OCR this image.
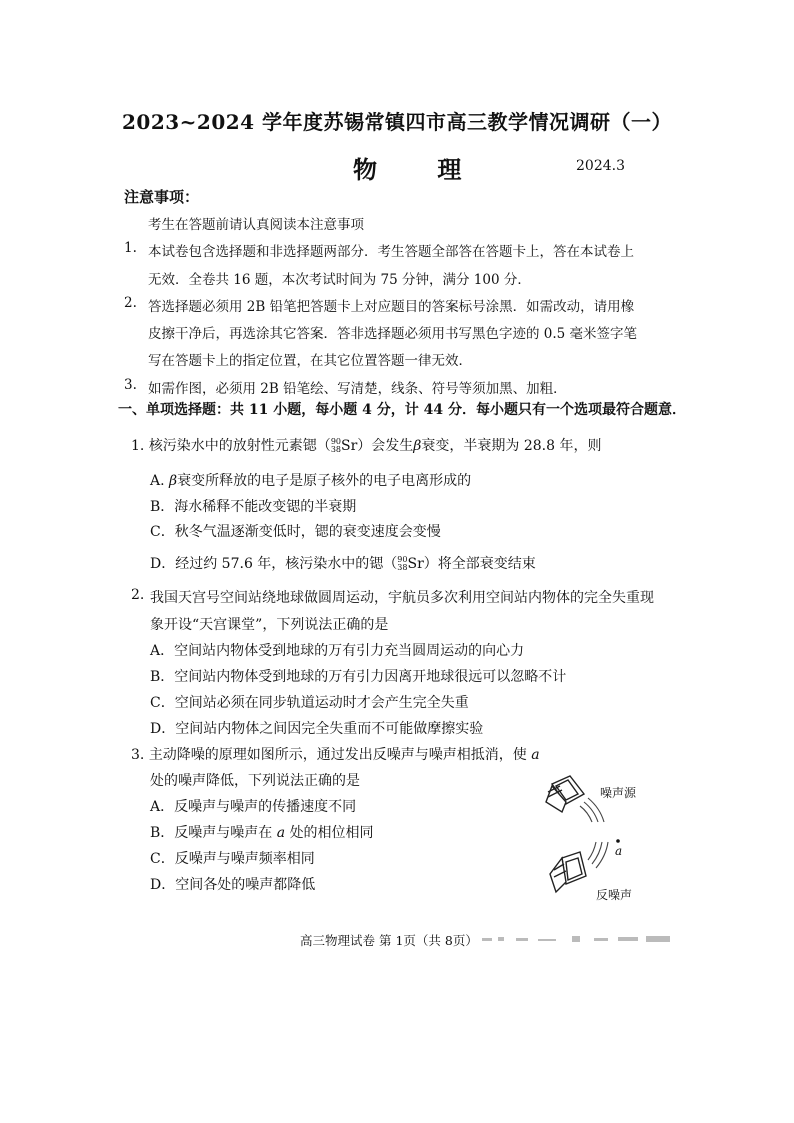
2023~2024 学年度苏锡常镇四市高三教学情况调研（一）
物 理	2024.3
注意事项：
考生在答题前请认真阅读本注意事项
1. 本试卷包含选择题和非选择题两部分．考生答题全部答在答题卡上，答在本试卷上
无效．全卷共 16 题，本次考试时间为 75 分钟，满分 100 分．
2. 答选择题必须用 2B 铅笔把答题卡上对应题目的答案标号涂黑．如需改动，请用橡
皮擦干净后，再选涂其它答案．答非选择题必须用书写黑色字迹的 0.5 毫米签字笔
写在答题卡上的指定位置，在其它位置答题一律无效．
3. 如需作图，必须用 2B 铅笔绘、写清楚，线条、符号等须加黑、加粗．
一、单项选择题：共 11 小题，每小题 4 分，计 44 分．每小题只有一个选项最符合题意．
1. 核污染水中的放射性元素锶（ 90
38 Sr）会发生β衰变，半衰期为 28.8 年，则
A. β衰变所释放的电子是原子核外的电子电离形成的
B．海水稀释不能改变锶的半衰期
C．秋冬气温逐渐变低时，锶的衰变速度会变慢
D．经过约 57.6 年，核污染水中的锶（ 90
38 Sr）将全部衰变结束
2. 我国天宫号空间站绕地球做圆周运动，宇航员多次利用空间站内物体的完全失重现
象开设“天宫课堂”，下列说法正确的是
A．空间站内物体受到地球的万有引力充当圆周运动的向心力
B．空间站内物体受到地球的万有引力因离开地球很远可以忽略不计
C．空间站必须在同步轨道运动时才会产生完全失重
D．空间站内物体之间因完全失重而不可能做摩擦实验
3. 主动降噪的原理如图所示，通过发出反噪声与噪声相抵消，使 a
处的噪声降低，下列说法正确的是
A．反噪声与噪声的传播速度不同
B．反噪声与噪声在 a 处的相位相同
C．反噪声与噪声频率相同
D．空间各处的噪声都降低
噪声源
a
反噪声
高三物理试卷 第 1页（共 8页）
